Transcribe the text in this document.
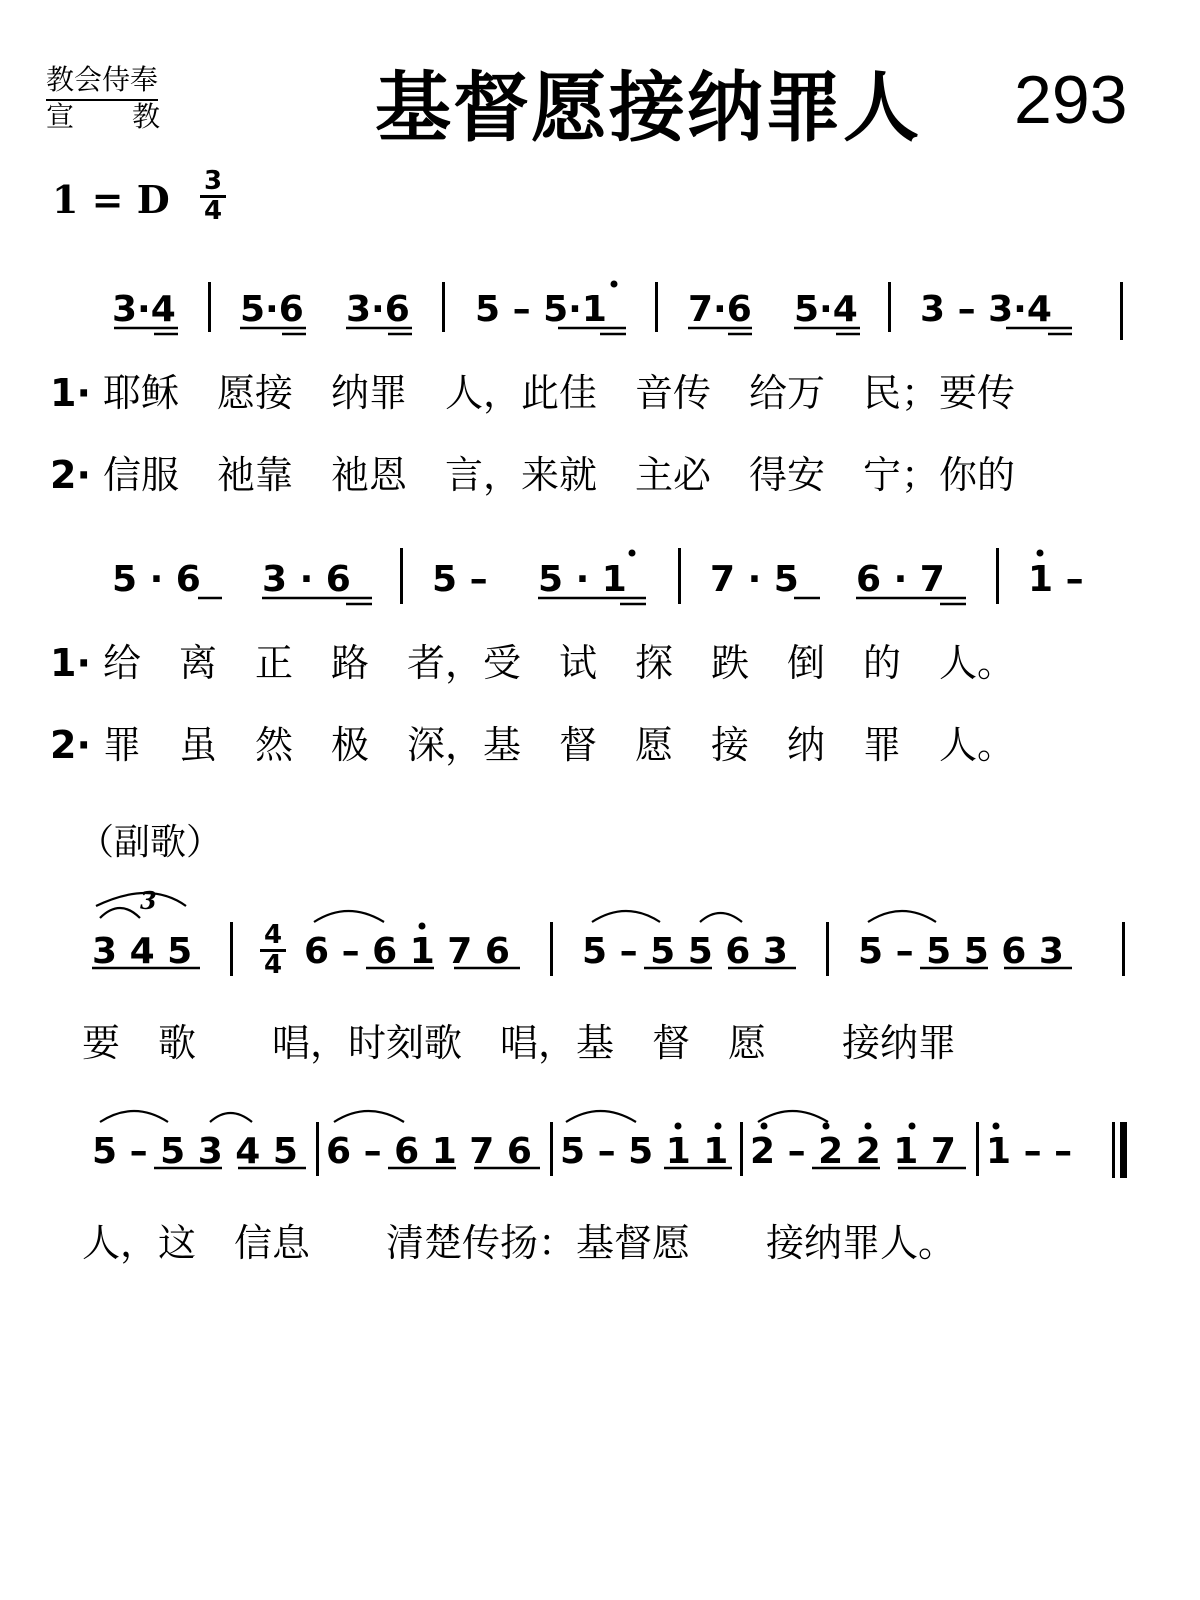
教会侍奉
宣教 基督愿接纳罪人 293
1 = D $\frac{3}{4}$
3·4 5·6 3·6 5 – 5·1 7·6 5·4 3 – 3·4
1· 耶稣　愿接　纳罪　人，此佳　音传　给万　民；要传
2· 信服　祂靠　祂恩　言，来就　主必　得安　宁；你的
5 · 6 3 · 6 5 – 5 · 1 7 · 5 6 · 7 1 –
1· 给　离　正　路　者，受　试　探　跌　倒　的　人。
2· 罪　虽　然　极　深，基　督　愿　接　纳　罪　人。
（副歌）
3
3 4 5	$\frac{4}{4} 6 - 6$ 1 7 6 5 – 5 5 6 3 5 – 5 5 6 3
要　歌　　唱，时刻歌　唱，基　督　愿　　接纳罪
5 – 5 3 4 5 6 – 6 1 7 6 5 – 5 1 1 2 – 2 2 1 7 1 – –
人，这　信息　　清楚传扬：基督愿　　接纳罪人。
